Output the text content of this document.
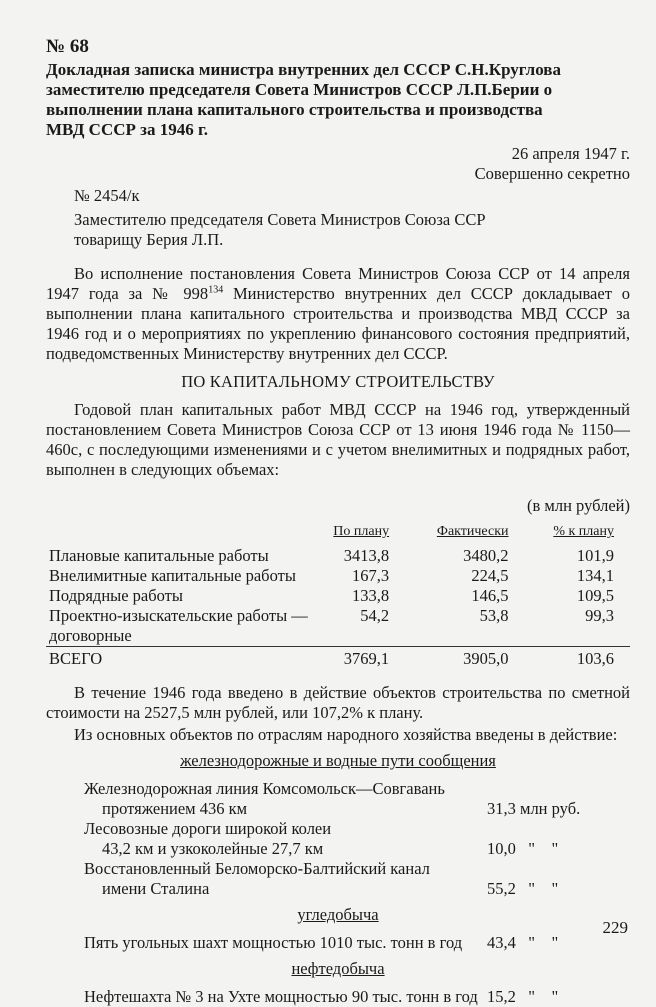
№ 68
Докладная записка министра внутренних дел СССР С.Н.Круглова заместителю председателя Совета Министров СССР Л.П.Берии о выполнении плана капитального строительства и производства МВД СССР за 1946 г.
26 апреля 1947 г.
Совершенно секретно
№ 2454/к
Заместителю председателя Совета Министров Союза ССР
товарищу Берия Л.П.

Во исполнение постановления Совета Министров Союза ССР от 14 апреля 1947 года за № $998^{134}$ Министерство внутренних дел СССР докладывает о выполнении плана капитального строительства и производства МВД СССР за 1946 год и о мероприятиях по укреплению финансового состояния предприятий, подведомственных Министерству внутренних дел СССР.

ПО КАПИТАЛЬНОМУ СТРОИТЕЛЬСТВУ

Годовой план капитальных работ МВД СССР на 1946 год, утвержденный постановлением Совета Министров Союза ССР от 13 июня 1946 года № 1150—460с, с последующими изменениями и с учетом внелимитных и подрядных работ, выполнен в следующих объемах:

(в млн рублей)
	По плану	Фактически	% к плану
Плановые капитальные работы	3413,8	3480,2	101,9
Внелимитные капитальные работы	167,3	224,5	134,1
Подрядные работы	133,8	146,5	109,5
Проектно-изыскательские работы — договорные	54,2	53,8	99,3
ВСЕГО	3769,1	3905,0	103,6

В течение 1946 года введено в действие объектов строительства по сметной стоимости на 2527,5 млн рублей, или 107,2% к плану.

Из основных объектов по отраслям народного хозяйства введены в действие:

железнодорожные и водные пути сообщения
Железнодорожная линия Комсомольск—Совгавань
протяжением 436 км	31,3 млн руб.
Лесовозные дороги широкой колеи
43,2 км и узкоколейные 27,7 км	10,0   "    "
Восстановленный Беломорско-Балтийский канал
имени Сталина	55,2   "    "
угледобыча
Пять угольных шахт мощностью 1010 тыс. тонн в год	43,4   "    "
нефтедобыча
Нефтешахта № 3 на Ухте мощностью 90 тыс. тонн в год 15,2   "    "
229
